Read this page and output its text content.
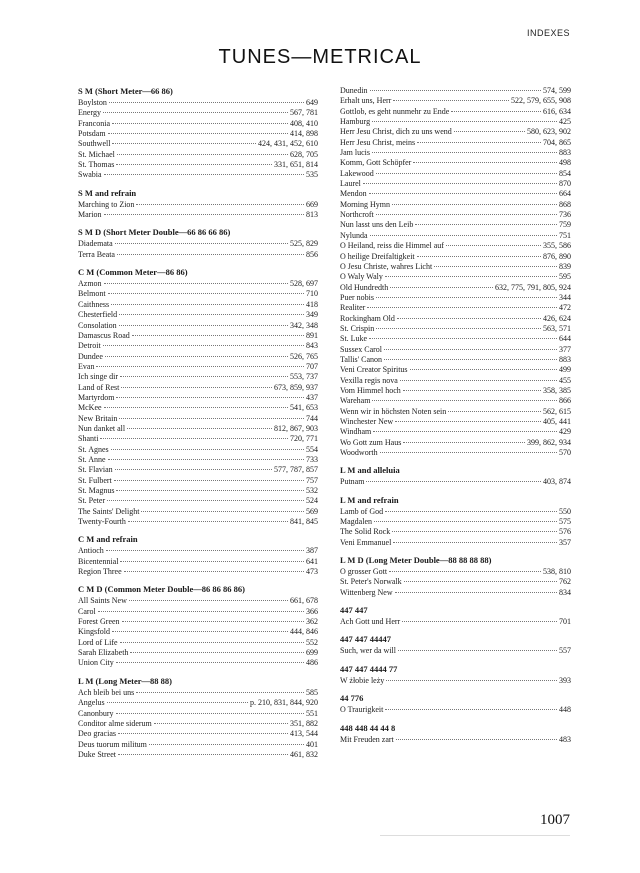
INDEXES
TUNES—METRICAL
S M (Short Meter—66 86)
Boylston	649
Energy	567, 781
Franconia	408, 410
Potsdam	414, 898
Southwell	424, 431, 452, 610
St. Michael	628, 705
St. Thomas	331, 651, 814
Swabia	535
S M and refrain
Marching to Zion	669
Marion	813
S M D (Short Meter Double—66 86 66 86)
Diademata	525, 829
Terra Beata	856
C M (Common Meter—86 86)
Azmon	528, 697
Belmont	710
Caithness	418
Chesterfield	349
Consolation	342, 348
Damascus Road	891
Detroit	843
Dundee	526, 765
Evan	707
Ich singe dir	553, 737
Land of Rest	673, 859, 937
Martyrdom	437
McKee	541, 653
New Britain	744
Nun danket all	812, 867, 903
Shanti	720, 771
St. Agnes	554
St. Anne	733
St. Flavian	577, 787, 857
St. Fulbert	757
St. Magnus	532
St. Peter	524
The Saints' Delight	569
Twenty-Fourth	841, 845
C M and refrain
Antioch	387
Bicentennial	641
Region Three	473
C M D (Common Meter Double—86 86 86 86)
All Saints New	661, 678
Carol	366
Forest Green	362
Kingsfold	444, 846
Lord of Life	552
Sarah Elizabeth	699
Union City	486
L M (Long Meter—88 88)
Ach bleib bei uns	585
Angelus	p. 210, 831, 844, 920
Canonbury	551
Conditor alme siderum	351, 882
Deo gracias	413, 544
Deus tuorum militum	401
Duke Street	461, 832
Dunedin	574, 599
Erhalt uns, Herr	522, 579, 655, 908
Gottlob, es geht nunmehr zu Ende	616, 634
Hamburg	425
Herr Jesu Christ, dich zu uns wend	580, 623, 902
Herr Jesu Christ, meins	704, 865
Jam lucis	883
Komm, Gott Schöpfer	498
Lakewood	854
Laurel	870
Mendon	664
Morning Hymn	868
Northcroft	736
Nun lasst uns den Leib	759
Nylunda	751
O Heiland, reiss die Himmel auf	355, 586
O heilige Dreifaltigkeit	876, 890
O Jesu Christe, wahres Licht	839
O Waly Waly	595
Old Hundredth	632, 775, 791, 805, 924
Puer nobis	344
Realiter	472
Rockingham Old	426, 624
St. Crispin	563, 571
St. Luke	644
Sussex Carol	377
Tallis' Canon	883
Veni Creator Spiritus	499
Vexilla regis nova	455
Vom Himmel hoch	358, 385
Wareham	866
Wenn wir in höchsten Noten sein	562, 615
Winchester New	405, 441
Windham	429
Wo Gott zum Haus	399, 862, 934
Woodworth	570
L M and alleluia
Putnam	403, 874
L M and refrain
Lamb of God	550
Magdalen	575
The Solid Rock	576
Veni Emmanuel	357
L M D (Long Meter Double—88 88 88 88)
O grosser Gott	538, 810
St. Peter's Norwalk	762
Wittenberg New	834
447 447
Ach Gott und Herr	701
447 447 44447
Such, wer da will	557
447 447 4444 77
W żłobie leży	393
44 776
O Traurigkeit	448
448 448 44 44 8
Mit Freuden zart	483
1007
